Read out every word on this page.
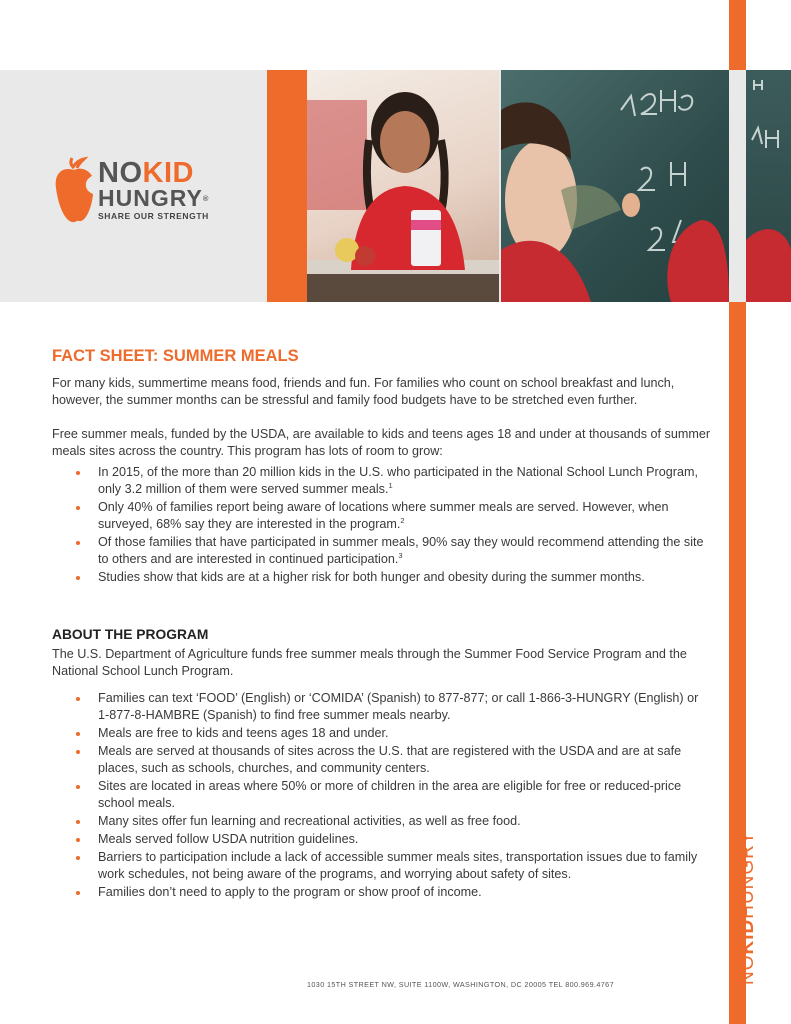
NOKIDHUNGRY
NOKID
HUNGRY®
SHARE OUR STRENGTH
FACT SHEET: SUMMER MEALS

For many kids, summertime means food, friends and fun. For families who count on school breakfast and lunch, however, the summer months can be stressful and family food budgets have to be stretched even further.

Free summer meals, funded by the USDA, are available to kids and teens ages 18 and under at thousands of summer meals sites across the country. This program has lots of room to grow:

In 2015, of the more than 20 million kids in the U.S. who participated in the National School Lunch Program, only 3.2 million of them were served summer meals.$^1$
Only 40% of families report being aware of locations where summer meals are served. However, when surveyed, 68% say they are interested in the program.$^2$
Of those families that have participated in summer meals, 90% say they would recommend attending the site to others and are interested in continued participation.$^3$
Studies show that kids are at a higher risk for both hunger and obesity during the summer months.
ABOUT THE PROGRAM

The U.S. Department of Agriculture funds free summer meals through the Summer Food Service Program and the National School Lunch Program.

Families can text ‘FOOD’ (English) or ‘COMIDA’ (Spanish) to 877-877; or call 1-866-3-HUNGRY (English) or 1-877-8-HAMBRE (Spanish) to find free summer meals nearby.
Meals are free to kids and teens ages 18 and under.
Meals are served at thousands of sites across the U.S. that are registered with the USDA and are at safe places, such as schools, churches, and community centers.
Sites are located in areas where 50% or more of children in the area are eligible for free or reduced-price school meals.
Many sites offer fun learning and recreational activities, as well as free food.
Meals served follow USDA nutrition guidelines.
Barriers to participation include a lack of accessible summer meals sites, transportation issues due to family work schedules, not being aware of the programs, and worrying about safety of sites.
Families don’t need to apply to the program or show proof of income.
1030 15TH STREET NW, SUITE 1100W, WASHINGTON, DC 20005 TEL 800.969.4767
